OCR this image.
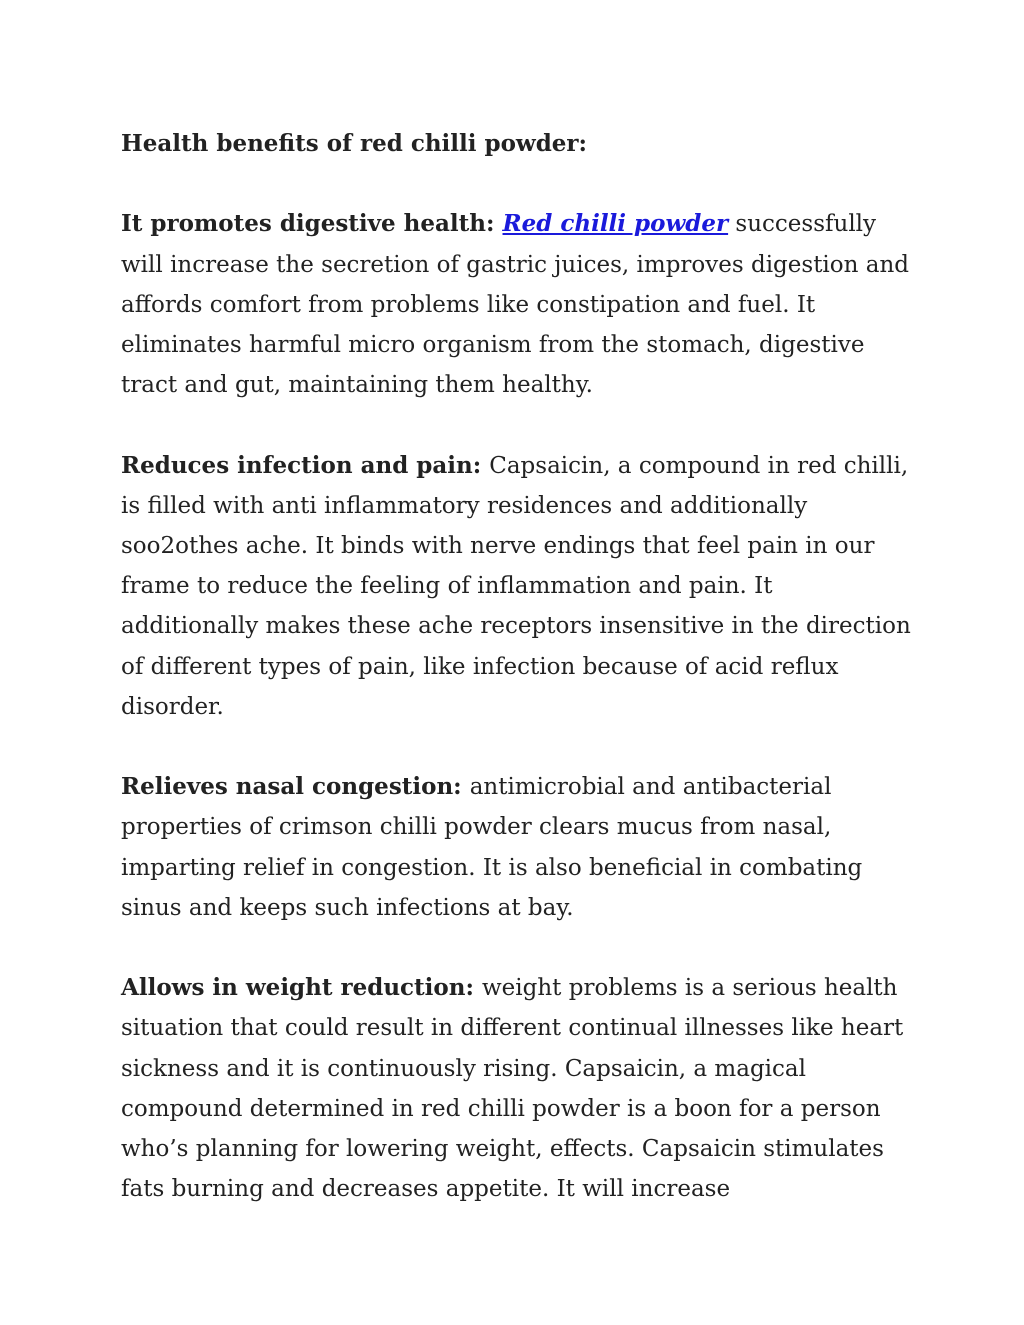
Health benefits of red chilli powder:

It promotes digestive health: Red chilli powder successfully will increase the secretion of gastric juices, improves digestion and affords comfort from problems like constipation and fuel. It eliminates harmful micro organism from the stomach, digestive tract and gut, maintaining them healthy.

Reduces infection and pain: Capsaicin, a compound in red chilli, is filled with anti inflammatory residences and additionally soo2othes ache. It binds with nerve endings that feel pain in our frame to reduce the feeling of inflammation and pain. It additionally makes these ache receptors insensitive in the direction of different types of pain, like infection because of acid reflux disorder.

Relieves nasal congestion: antimicrobial and antibacterial properties of crimson chilli powder clears mucus from nasal, imparting relief in congestion. It is also beneficial in combating sinus and keeps such infections at bay.

Allows in weight reduction: weight problems is a serious health situation that could result in different continual illnesses like heart sickness and it is continuously rising. Capsaicin, a magical compound determined in red chilli powder is a boon for a person who’s planning for lowering weight, effects. Capsaicin stimulates fats burning and decreases appetite. It will increase
